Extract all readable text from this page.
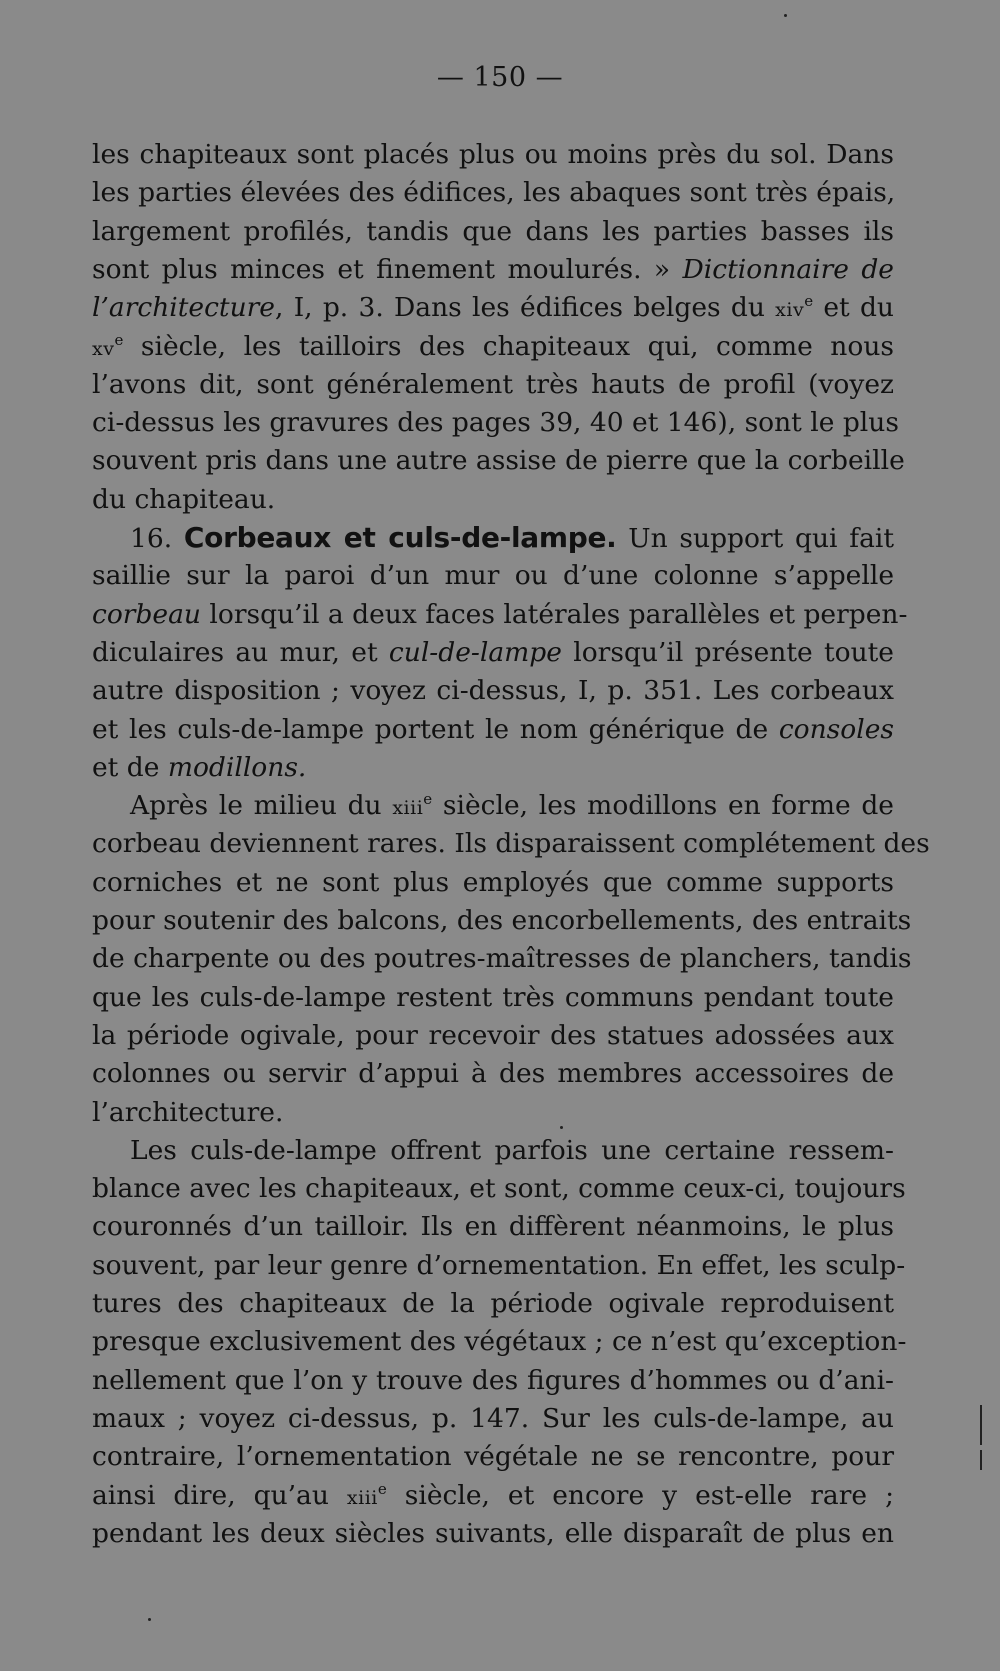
— 150 —
les chapiteaux sont placés plus ou moins près du sol. Dans
les parties élevées des édifices, les abaques sont très épais,
largement profilés, tandis que dans les parties basses ils
sont plus minces et finement moulurés. » Dictionnaire de
l’architecture, I, p. 3. Dans les édifices belges du xiv$^e$ et du
$xv^e$ siècle, les tailloirs des chapiteaux qui, comme nous
l’avons dit, sont généralement très hauts de profil (voyez
ci-dessus les gravures des pages 39, 40 et 146), sont le plus
souvent pris dans une autre assise de pierre que la corbeille
du chapiteau.
16. Corbeaux et culs-de-lampe. Un support qui fait
saillie sur la paroi d’un mur ou d’une colonne s’appelle
corbeau lorsqu’il a deux faces latérales parallèles et perpen-
diculaires au mur, et cul-de-lampe lorsqu’il présente toute
autre disposition ; voyez ci-dessus, I, p. 351. Les corbeaux
et les culs-de-lampe portent le nom générique de consoles
et de modillons.
Après le milieu du xiii$^e$ siècle, les modillons en forme de
corbeau deviennent rares. Ils disparaissent complétement des
corniches et ne sont plus employés que comme supports
pour soutenir des balcons, des encorbellements, des entraits
de charpente ou des poutres-maîtresses de planchers, tandis
que les culs-de-lampe restent très communs pendant toute
la période ogivale, pour recevoir des statues adossées aux
colonnes ou servir d’appui à des membres accessoires de
l’architecture.
Les culs-de-lampe offrent parfois une certaine ressem-
blance avec les chapiteaux, et sont, comme ceux-ci, toujours
couronnés d’un tailloir. Ils en diffèrent néanmoins, le plus
souvent, par leur genre d’ornementation. En effet, les sculp-
tures des chapiteaux de la période ogivale reproduisent
presque exclusivement des végétaux ; ce n’est qu’exception-
nellement que l’on y trouve des figures d’hommes ou d’ani-
maux ; voyez ci-dessus, p. 147. Sur les culs-de-lampe, au
contraire, l’ornementation végétale ne se rencontre, pour
ainsi dire, qu’au xiii$^e$ siècle, et encore y est-elle rare ;
pendant les deux siècles suivants, elle disparaît de plus en
